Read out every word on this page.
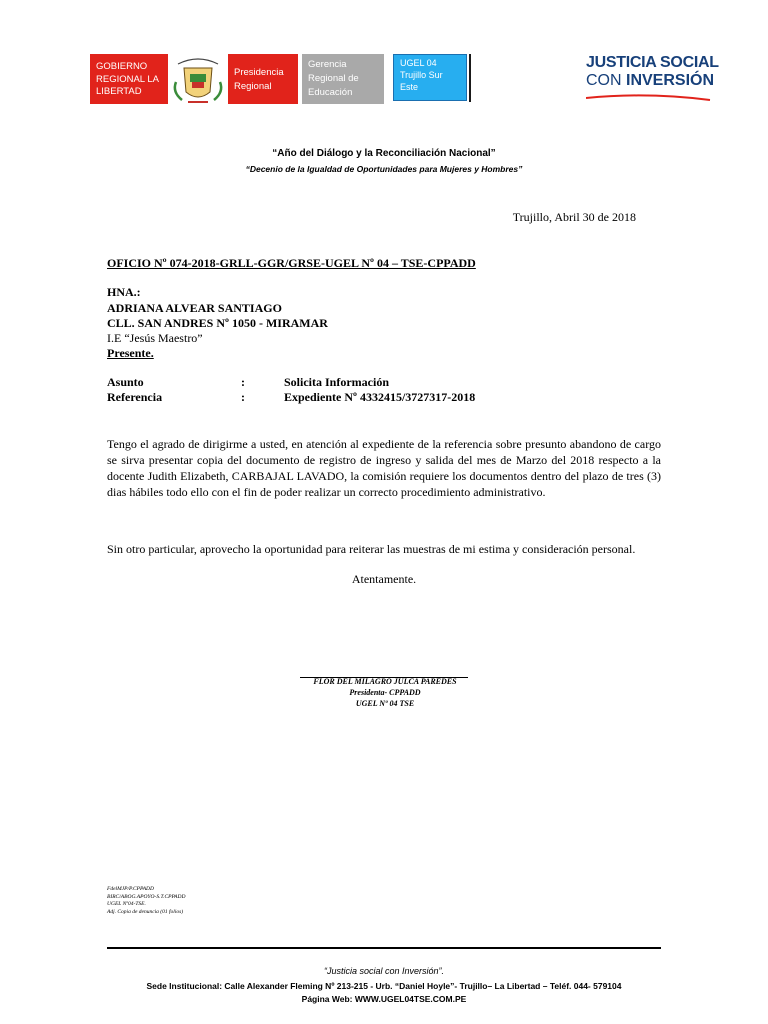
GOBIERNO
REGIONAL LA
LIBERTAD
Presidencia
Regional
Gerencia
Regional de
Educación
UGEL 04
Trujillo Sur
Este
JUSTICIA SOCIAL
CON INVERSIÓN
“Año del Diálogo y la Reconciliación Nacional”
“Decenio de la Igualdad de Oportunidades para Mujeres y Hombres”
Trujillo, Abril 30 de 2018
OFICIO Nº 074-2018-GRLL-GGR/GRSE-UGEL Nº 04 – TSE-CPPADD
HNA.:
ADRIANA ALVEAR SANTIAGO
CLL. SAN ANDRES Nº 1050 - MIRAMAR
I.E “Jesús Maestro”
Presente.
Asunto	:	Solicita Información
Referencia	:	Expediente Nº 4332415/3727317-2018
Tengo el agrado de dirigirme a usted, en atención al expediente de la referencia sobre presunto abandono de cargo se sirva presentar copia del documento de registro de ingreso y salida del mes de Marzo del 2018 respecto a la docente Judith Elizabeth, CARBAJAL LAVADO, la comisión requiere los documentos dentro del plazo de tres (3) dias hábiles todo ello con el fin de poder realizar un correcto procedimiento administrativo.
Sin otro particular, aprovecho la oportunidad para reiterar las muestras de mi estima y consideración personal.
Atentamente.
FLOR DEL MILAGRO JULCA PAREDES
Presidenta- CPPADD
UGEL Nº 04 TSE
FdelMJP/P.CPPADD
BIRC/ABOG.APOYO-S.T.CPPADD
UGEL Nº04-TSE.
Adj. Copia de denuncia (01 folios)
“Justicia social con Inversión”.
Sede Institucional: Calle Alexander Fleming Nº 213-215 - Urb. “Daniel Hoyle”- Trujillo– La Libertad – Teléf. 044- 579104
Página Web: WWW.UGEL04TSE.COM.PE
